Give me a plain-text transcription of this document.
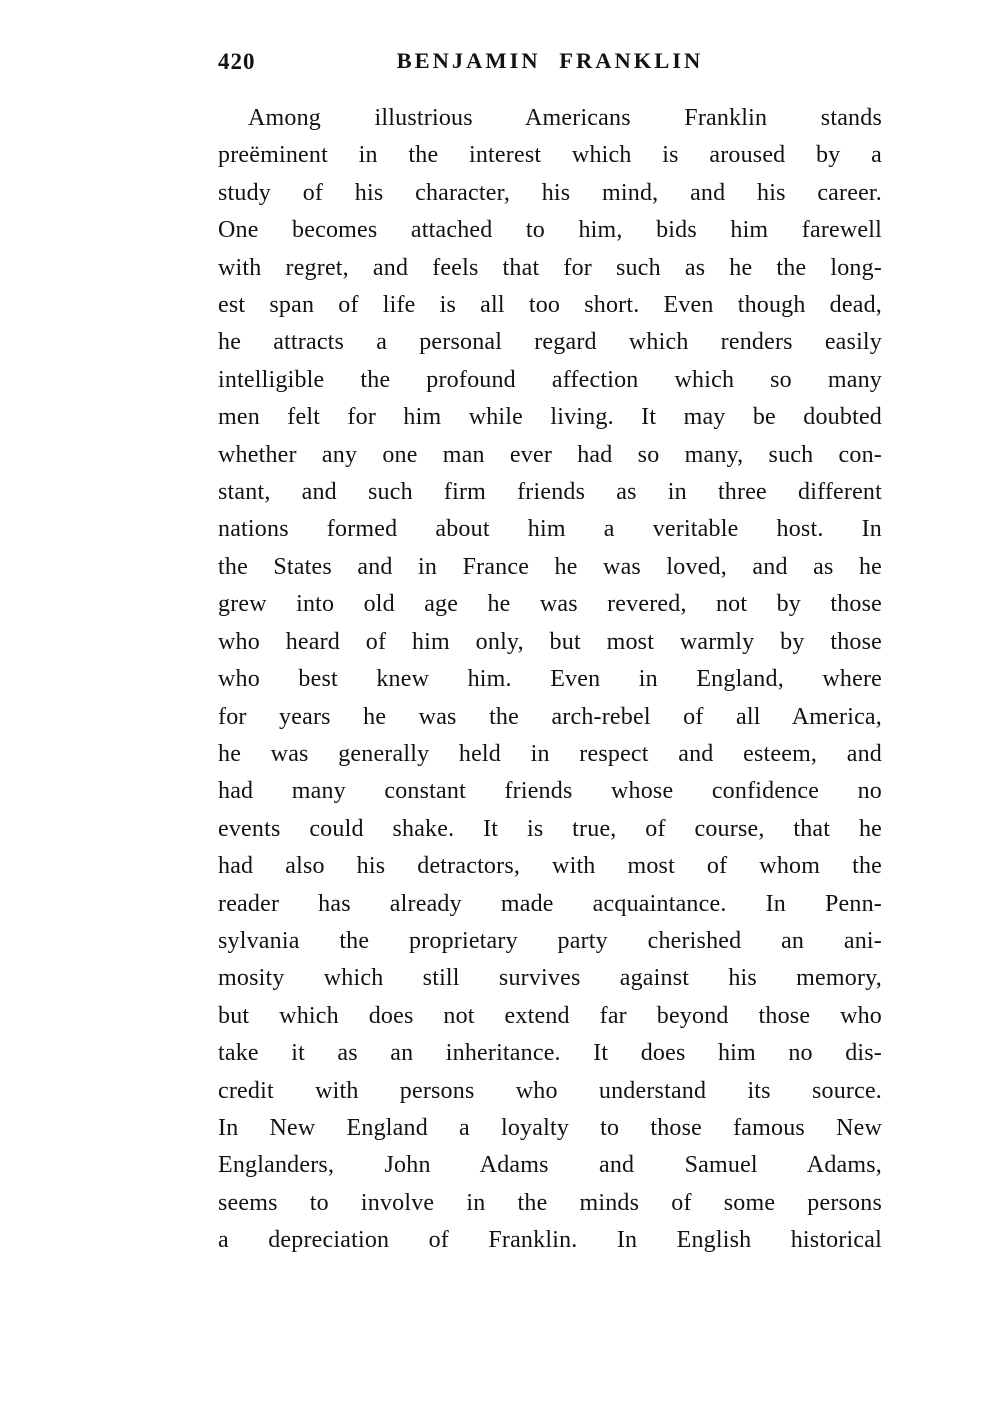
420	BENJAMIN FRANKLIN
Among illustrious Americans Franklin stands
preëminent in the interest which is aroused by a
study of his character, his mind, and his career.
One becomes attached to him, bids him farewell
with regret, and feels that for such as he the long-
est span of life is all too short. Even though dead,
he attracts a personal regard which renders easily
intelligible the profound affection which so many
men felt for him while living. It may be doubted
whether any one man ever had so many, such con-
stant, and such firm friends as in three different
nations formed about him a veritable host. In
the States and in France he was loved, and as he
grew into old age he was revered, not by those
who heard of him only, but most warmly by those
who best knew him. Even in England, where
for years he was the arch-rebel of all America,
he was generally held in respect and esteem, and
had many constant friends whose confidence no
events could shake. It is true, of course, that he
had also his detractors, with most of whom the
reader has already made acquaintance. In Penn-
sylvania the proprietary party cherished an ani-
mosity which still survives against his memory,
but which does not extend far beyond those who
take it as an inheritance. It does him no dis-
credit with persons who understand its source.
In New England a loyalty to those famous New
Englanders, John Adams and Samuel Adams,
seems to involve in the minds of some persons
a depreciation of Franklin. In English historical
